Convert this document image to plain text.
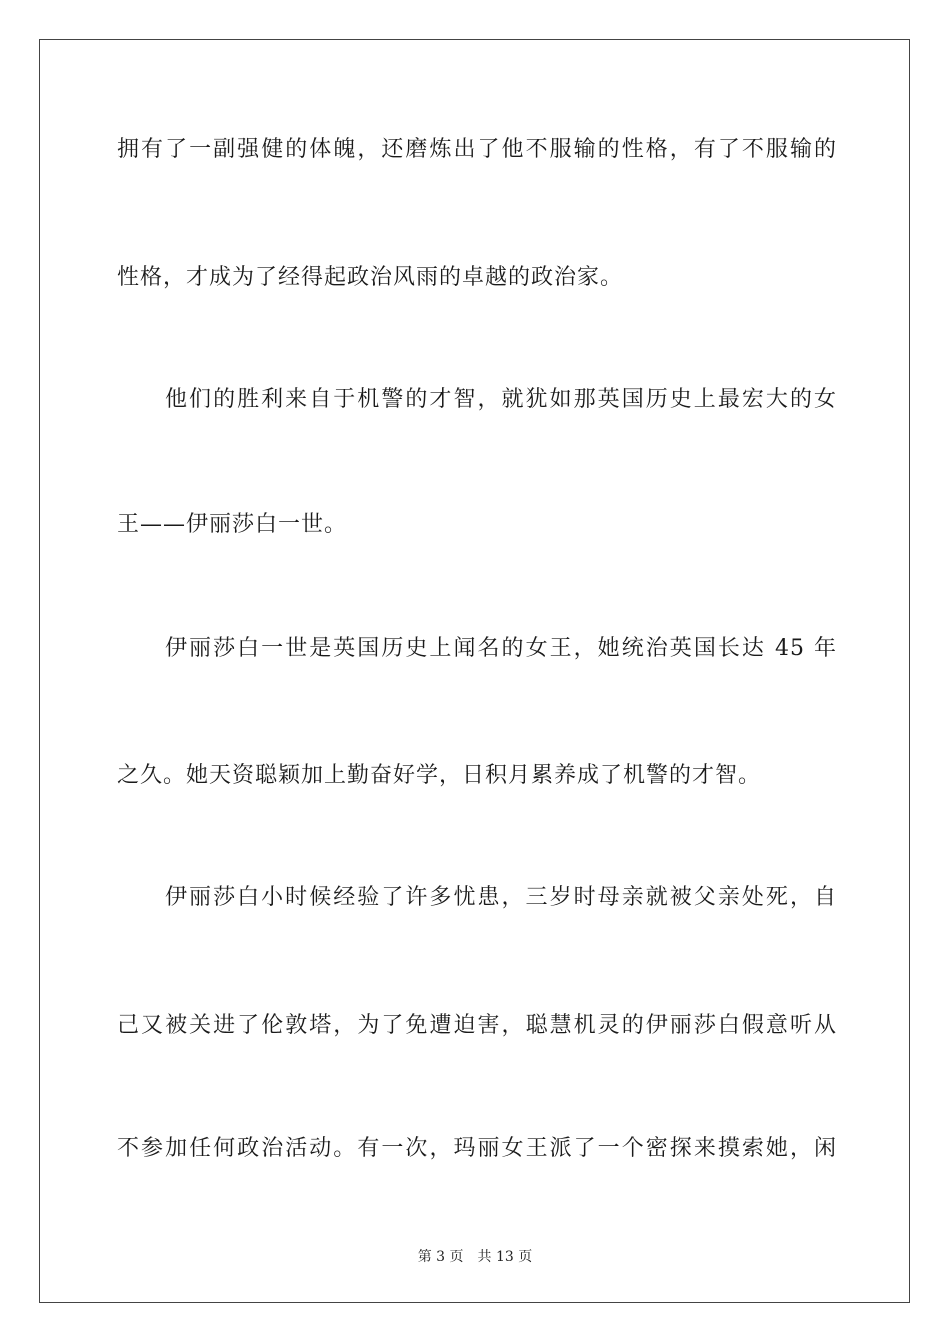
拥有了一副强健的体魄，还磨炼出了他不服输的性格，有了不服输的
性格，才成为了经得起政治风雨的卓越的政治家。
他们的胜利来自于机警的才智，就犹如那英国历史上最宏大的女
王——伊丽莎白一世。
伊丽莎白一世是英国历史上闻名的女王，她统治英国长达 45 年
之久。她天资聪颖加上勤奋好学，日积月累养成了机警的才智。
伊丽莎白小时候经验了许多忧患，三岁时母亲就被父亲处死，自
己又被关进了伦敦塔，为了免遭迫害，聪慧机灵的伊丽莎白假意听从
不参加任何政治活动。有一次，玛丽女王派了一个密探来摸索她，闲
第 3 页 共 13 页
